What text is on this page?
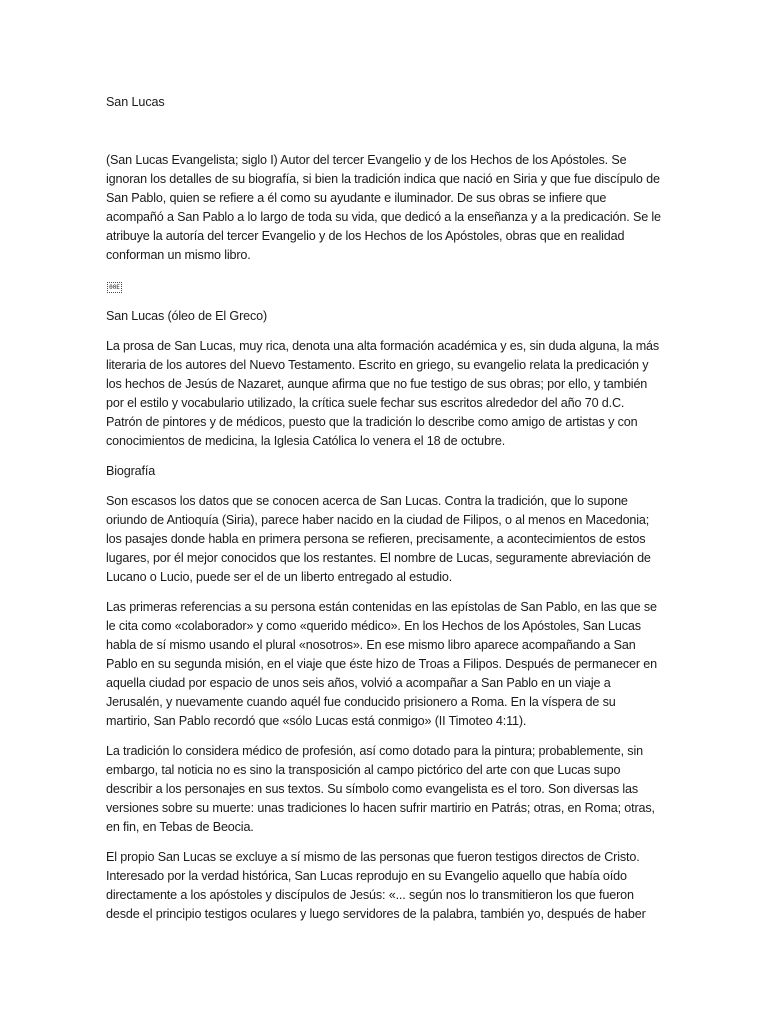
San Lucas

(San Lucas Evangelista; siglo I) Autor del tercer Evangelio y de los Hechos de los Apóstoles. Se ignoran los detalles de su biografía, si bien la tradición indica que nació en Siria y que fue discípulo de San Pablo, quien se refiere a él como su ayudante e iluminador. De sus obras se infiere que acompañó a San Pablo a lo largo de toda su vida, que dedicó a la enseñanza y a la predicación. Se le atribuye la autoría del tercer Evangelio y de los Hechos de los Apóstoles, obras que en realidad conforman un mismo libro.

00E

San Lucas (óleo de El Greco)

La prosa de San Lucas, muy rica, denota una alta formación académica y es, sin duda alguna, la más literaria de los autores del Nuevo Testamento. Escrito en griego, su evangelio relata la predicación y los hechos de Jesús de Nazaret, aunque afirma que no fue testigo de sus obras; por ello, y también por el estilo y vocabulario utilizado, la crítica suele fechar sus escritos alrededor del año 70 d.C. Patrón de pintores y de médicos, puesto que la tradición lo describe como amigo de artistas y con conocimientos de medicina, la Iglesia Católica lo venera el 18 de octubre.

Biografía

Son escasos los datos que se conocen acerca de San Lucas. Contra la tradición, que lo supone oriundo de Antioquía (Siria), parece haber nacido en la ciudad de Filipos, o al menos en Macedonia; los pasajes donde habla en primera persona se refieren, precisamente, a acontecimientos de estos lugares, por él mejor conocidos que los restantes. El nombre de Lucas, seguramente abreviación de Lucano o Lucio, puede ser el de un liberto entregado al estudio.

Las primeras referencias a su persona están contenidas en las epístolas de San Pablo, en las que se le cita como «colaborador» y como «querido médico». En los Hechos de los Apóstoles, San Lucas habla de sí mismo usando el plural «nosotros». En ese mismo libro aparece acompañando a San Pablo en su segunda misión, en el viaje que éste hizo de Troas a Filipos. Después de permanecer en aquella ciudad por espacio de unos seis años, volvió a acompañar a San Pablo en un viaje a Jerusalén, y nuevamente cuando aquél fue conducido prisionero a Roma. En la víspera de su martirio, San Pablo recordó que «sólo Lucas está conmigo» (II Timoteo 4:11).

La tradición lo considera médico de profesión, así como dotado para la pintura; probablemente, sin embargo, tal noticia no es sino la transposición al campo pictórico del arte con que Lucas supo describir a los personajes en sus textos. Su símbolo como evangelista es el toro. Son diversas las versiones sobre su muerte: unas tradiciones lo hacen sufrir martirio en Patrás; otras, en Roma; otras, en fin, en Tebas de Beocia.

El propio San Lucas se excluye a sí mismo de las personas que fueron testigos directos de Cristo. Interesado por la verdad histórica, San Lucas reprodujo en su Evangelio aquello que había oído directamente a los apóstoles y discípulos de Jesús: «... según nos lo transmitieron los que fueron desde el principio testigos oculares y luego servidores de la palabra, también yo, después de haber
